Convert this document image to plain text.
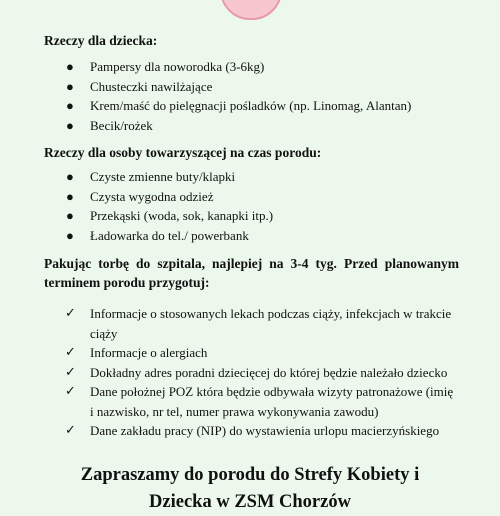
Rzeczy dla dziecka:
● Pampersy dla noworodka (3-6kg)
● Chusteczki nawilżające
● Krem/maść do pielęgnacji pośladków (np. Linomag, Alantan)
● Becik/rożek
Rzeczy dla osoby towarzyszącej na czas porodu:
● Czyste zmienne buty/klapki
● Czysta wygodna odzież
● Przekąski (woda, sok, kanapki itp.)
● Ładowarka do tel./ powerbank

Pakując torbę do szpitala, najlepiej na 3-4 tyg. Przed planowanym terminem porodu przygotuj:

✓ Informacje o stosowanych lekach podczas ciąży, infekcjach w trakcie ciąży
✓ Informacje o alergiach
✓ Dokładny adres poradni dziecięcej do której będzie należało dziecko
✓ Dane położnej POZ która będzie odbywała wizyty patronażowe (imię i nazwisko, nr tel, numer prawa wykonywania zawodu)
✓ Dane zakładu pracy (NIP) do wystawienia urlopu macierzyńskiego

Zapraszamy do porodu do Strefy Kobiety i Dziecka w ZSM Chorzów
